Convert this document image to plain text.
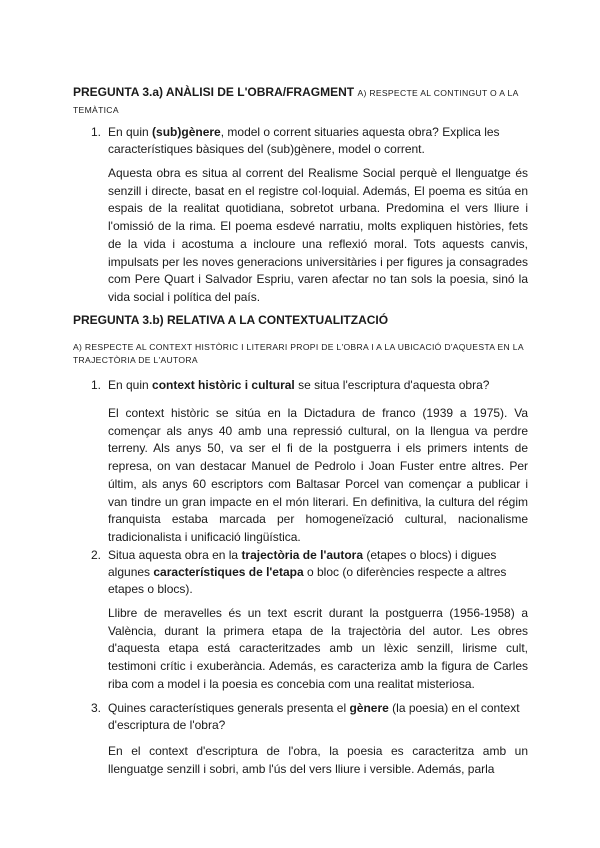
PREGUNTA 3.a) ANÀLISI DE L'OBRA/FRAGMENT A) RESPECTE AL CONTINGUT O A LA TEMÀTICA

1. En quin (sub)gènere, model o corrent situaries aquesta obra? Explica les característiques bàsiques del (sub)gènere, model o corrent.

Aquesta obra es situa al corrent del Realisme Social perquè el llenguatge és senzill i directe, basat en el registre col·loquial. Además, El poema es sitúa en espais de la realitat quotidiana, sobretot urbana. Predomina el vers lliure i l'omissió de la rima. El poema esdevé narratiu, molts expliquen històries, fets de la vida i acostuma a incloure una reflexió moral. Tots aquests canvis, impulsats per les noves generacions universitàries i per figures ja consagrades com Pere Quart i Salvador Espriu, varen afectar no tan sols la poesia, sinó la vida social i política del país.

PREGUNTA 3.b) RELATIVA A LA CONTEXTUALITZACIÓ

A) RESPECTE AL CONTEXT HISTÒRIC I LITERARI PROPI DE L'OBRA I A LA UBICACIÓ D'AQUESTA EN LA TRAJECTÒRIA DE L'AUTORA

1. En quin context històric i cultural se situa l'escriptura d'aquesta obra?

El context històric se sitúa en la Dictadura de franco (1939 a 1975). Va començar als anys 40 amb una repressió cultural, on la llengua va perdre terreny. Als anys 50, va ser el fi de la postguerra i els primers intents de represa, on van destacar Manuel de Pedrolo i Joan Fuster entre altres. Per últim, als anys 60 escriptors com Baltasar Porcel van començar a publicar i van tindre un gran impacte en el món literari. En definitiva, la cultura del régim franquista estaba marcada per homogeneïzació cultural, nacionalisme tradicionalista i unificació lingüística.

2. Situa aquesta obra en la trajectòria de l'autora (etapes o blocs) i digues algunes característiques de l'etapa o bloc (o diferències respecte a altres etapes o blocs).

Llibre de meravelles és un text escrit durant la postguerra (1956-1958) a València, durant la primera etapa de la trajectòria del autor. Les obres d'aquesta etapa está caracteritzades amb un lèxic senzill, lirisme cult, testimoni crític i exuberància. Además, es caracteriza amb la figura de Carles riba com a model i la poesia es concebia com una realitat misteriosa.

3. Quines característiques generals presenta el gènere (la poesia) en el context d'escriptura de l'obra?

En el context d'escriptura de l'obra, la poesia es caracteritza amb un llenguatge senzill i sobri, amb l'ús del vers lliure i versible. Además, parla
